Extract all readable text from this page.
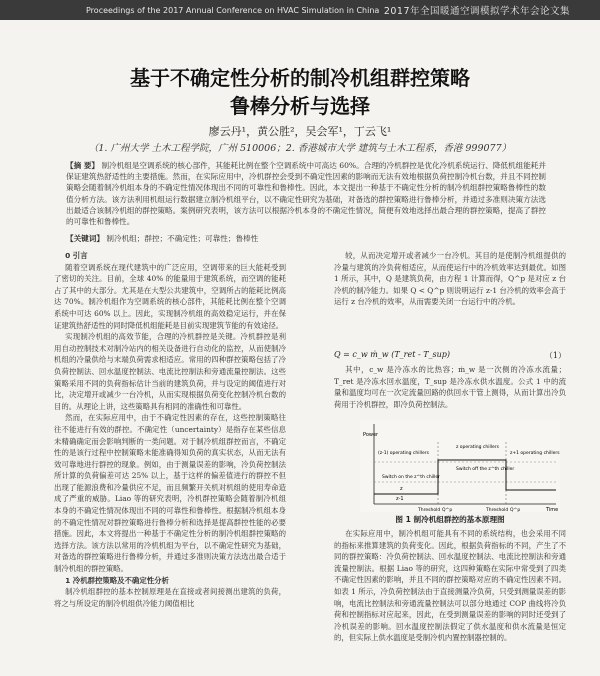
Proceedings of the 2017 Annual Conference on HVAC Simulation in China 2017年全国暖通空调模拟学术年会论文集
基于不确定性分析的制冷机组群控策略
鲁棒分析与选择
廖云丹¹，黄公胜²，吴会军¹，丁云飞¹
（1. 广州大学 土木工程学院，广州 510006；2. 香港城市大学 建筑与土木工程系，香港 999077）
【摘 要】 制冷机组是空调系统的核心部件，其能耗比例在整个空调系统中可高达 60%。合理的冷机群控是优化冷机系统运行、降低机组能耗并保证建筑热舒适性的主要措施。然而，在实际应用中，冷机群控会受到不确定性因素的影响而无法有效地根据负荷控制冷机台数，并且不同控制策略会随着制冷机组本身的不确定性情况体现出不同的可靠性和鲁棒性。因此，本文提出一种基于不确定性分析的制冷机组群控策略鲁棒性的数值分析方法。该方法利用机组运行数据建立制冷机组平台，以不确定性研究为基础，对备选的群控策略进行鲁棒分析，并通过多准则决策方法选出最适合该制冷机组的群控策略。案例研究表明，该方法可以根据冷机本身的不确定性情况，简便有效地选择出最合理的群控策略，提高了群控的可靠性和鲁棒性。
【关键词】 制冷机组；群控；不确定性；可靠性；鲁棒性

0 引言

随着空调系统在现代建筑中的广泛应用，空调带来的巨大能耗受到了密切的关注。目前，全球 40% 的能量用于建筑系统，而空调的能耗占了其中的大部分。尤其是在大型公共建筑中，空调所占的能耗比例高达 70%。制冷机组作为空调系统的核心部件，其能耗比例在整个空调系统中可达 60% 以上。因此，实现制冷机组的高效稳定运行，并在保证建筑热舒适性的同时降低机组能耗是目前实现建筑节能的有效途径。

实现制冷机组的高效节能，合理的冷机群控是关键。冷机群控是利用自动控制技术对制冷站内的相关设备进行自动化的监控，从而使制冷机组的冷量供给与末端负荷需求相适应。常用的四种群控策略包括了冷负荷控制法、回水温度控制法、电流比控制法和旁通流量控制法。这些策略采用不同的负荷指标估计当前的建筑负荷，并与设定的阈值进行对比，决定增开或减少一台冷机，从而实现根据负荷变化控制冷机台数的目的。从理论上讲，这些策略具有相同的准确性和可靠性。

然而，在实际应用中，由于不确定性因素的存在，这些控制策略往往不能进行有效的群控。不确定性（uncertainty）是指存在某些信息未精确确定而会影响判断的一类问题。对于制冷机组群控而言，不确定性的是该行过程中控制策略未能准确得知负荷的真实状态，从而无法有效可靠地进行群控的现象。例如，由于测量误差的影响，冷负荷控制法所计算的负荷偏差可达 25% 以上，基于这样的偏差值进行的群控不但出现了能源浪费和冷量供应不足，而且频繁开关机对机组的使用寿命造成了严重的威胁。Liao 等的研究表明，冷机群控策略会随着制冷机组本身的不确定性情况体现出不同的可靠性和鲁棒性。根据制冷机组本身的不确定性情况对群控策略进行鲁棒分析和选择是提高群控性能的必要措施。因此，本文将提出一种基于不确定性分析的制冷机组群控策略的选择方法。该方法以常用的冷机机组为平台，以不确定性研究为基础，对备选的群控策略进行鲁棒分析，并通过多准则决策方法选出最合适于制冷机组的群控策略。

1 冷机群控策略及不确定性分析

制冷机组群控的基本控制原理是在直接或者间接测出建筑的负荷，将之与所设定的制冷机组供冷能力阈值相比

较，从而决定增开或者减少一台冷机。其目的是使制冷机组提供的冷量与建筑的冷负荷相适应，从而使运行中的冷机效率达到最优。如图 1 所示，其中，Q 是建筑负荷，由方程 1 计算而得，Q^p 是对应 z 台冷机的制冷能力。如果 Q < Q^p 则说明运行 z-1 台冷机的效率会高于运行 z 台冷机的效率，从而需要关闭一台运行中的冷机。

Q = c_w ṁ_w (T_ret - T_sup)	（1）

其中，c_w 是冷冻水的比热容；ṁ_w 是一次侧的冷冻水流量；T_ret 是冷冻水回水温度，T_sup 是冷冻水供水温度。公式 1 中的流量和温度均可在一次定流量回路的供回水干管上测得，从而计算出冷负荷用于冷机群控，即冷负荷控制法。

Power
Time
(z-1) operating chillers
z operating chillers
z+1 operating chillers
Switch on the z^th chiller
Switch off the z^th chiller
z
z-1
Threshold Q^p	Threshold Q^p
图 1 制冷机组群控的基本原理图

在实际应用中，制冷机组可能具有不同的系统结构，也会采用不同的指标来推算建筑的负荷变化。因此，根据负荷指标的不同，产生了不同的群控策略：冷负荷控制法、回水温度控制法、电流比控制法和旁通流量控制法。根据 Liao 等的研究，这四种策略在实际中常受到了四类不确定性因素的影响，并且不同的群控策略对应的不确定性因素不同。如表 1 所示，冷负荷控制法由于直接测量冷负荷，只受到测量误差的影响，电流比控制法和旁通流量控制法可以部分地通过 COP 曲线将冷负荷和控制指标对应起来，因此，在受到测量误差的影响的同时还受到了冷机误差的影响。回水温度控制法假定了供水温度和供水流量是恒定的，但实际上供水温度是受制冷机内置控制器控制的。
